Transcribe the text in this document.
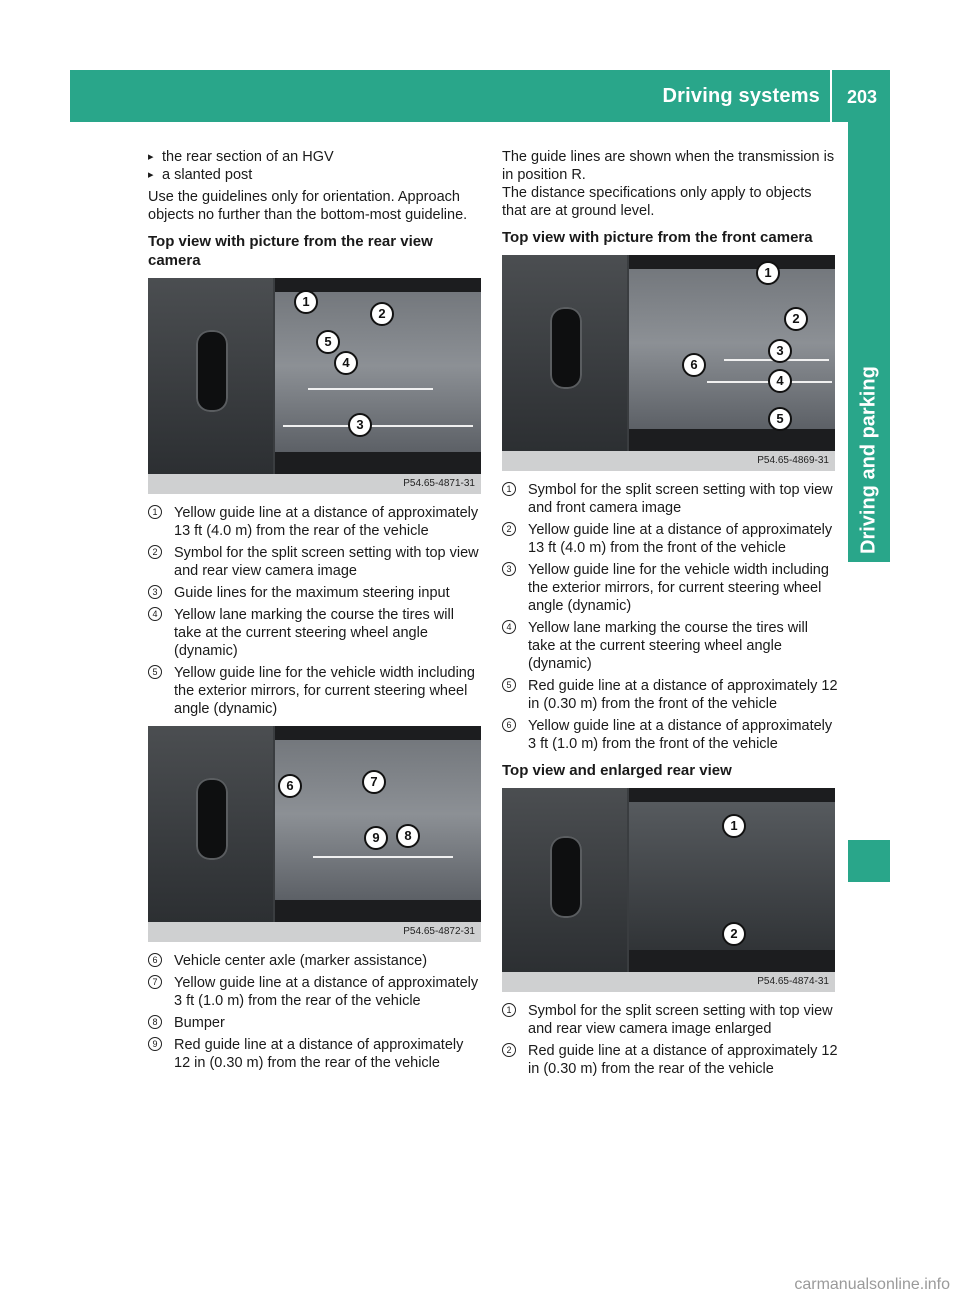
Driving systems	203
Driving and parking

▸ the rear section of an HGV

▸ a slanted post

Use the guidelines only for orientation. Approach objects no further than the bottom-most guideline.

Top view with picture from the rear view camera
1
2
3
4
5
P54.65-4871-31
1	Yellow guide line at a distance of approximately 13 ft (4.0 m) from the rear of the vehicle
2	Symbol for the split screen setting with top view and rear view camera image
3	Guide lines for the maximum steering input
4	Yellow lane marking the course the tires will take at the current steering wheel angle (dynamic)
5	Yellow guide line for the vehicle width including the exterior mirrors, for current steering wheel angle (dynamic)
6	7
8
9
P54.65-4872-31
6	Vehicle center axle (marker assistance)
7	Yellow guide line at a distance of approximately 3 ft (1.0 m) from the rear of the vehicle
8	Bumper
9	Red guide line at a distance of approximately 12 in (0.30 m) from the rear of the vehicle

The guide lines are shown when the transmission is in position R.

The distance specifications only apply to objects that are at ground level.

Top view with picture from the front camera
1
2
3
4
5
6
P54.65-4869-31
1	Symbol for the split screen setting with top view and front camera image
2	Yellow guide line at a distance of approximately 13 ft (4.0 m) from the front of the vehicle
3	Yellow guide line for the vehicle width including the exterior mirrors, for current steering wheel angle (dynamic)
4	Yellow lane marking the course the tires will take at the current steering wheel angle (dynamic)
5	Red guide line at a distance of approximately 12 in (0.30 m) from the front of the vehicle
6	Yellow guide line at a distance of approximately 3 ft (1.0 m) from the front of the vehicle
Top view and enlarged rear view
1
2
P54.65-4874-31
1	Symbol for the split screen setting with top view and rear view camera image enlarged
2	Red guide line at a distance of approximately 12 in (0.30 m) from the rear of the vehicle
carmanualsonline.info
